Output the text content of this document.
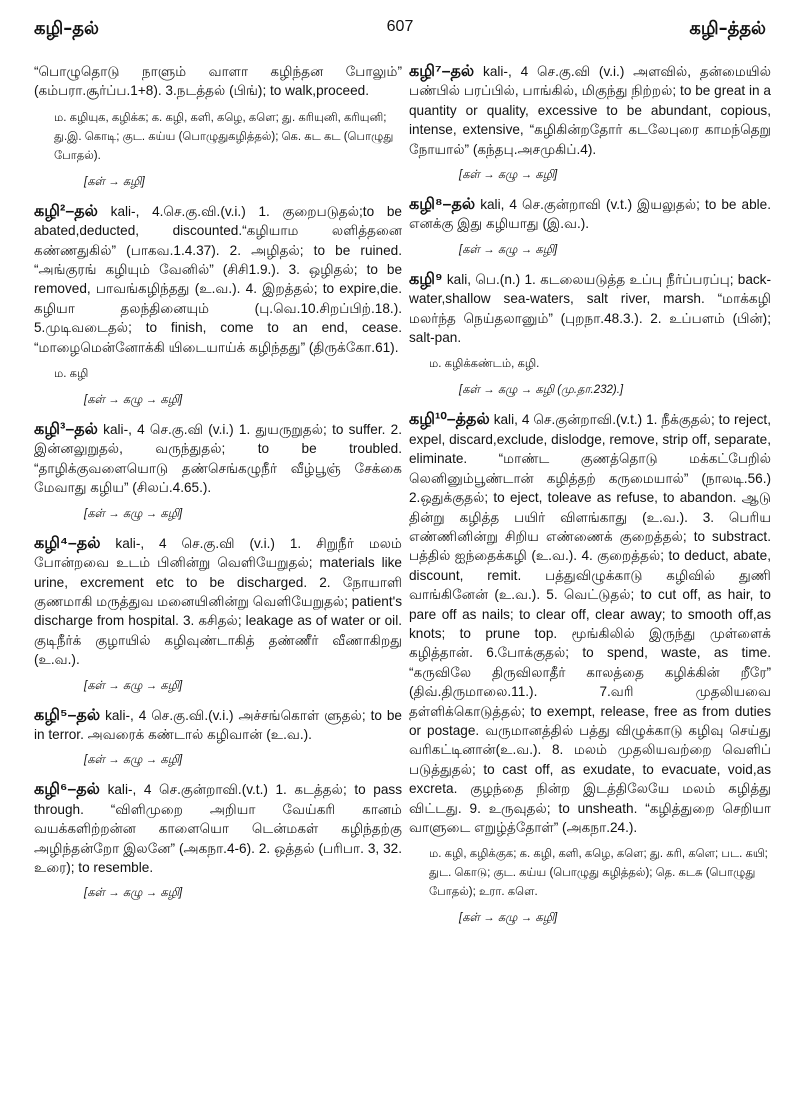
கழி–தல்	607	கழி–த்தல்

“பொழுதொடு நாளும் வாளா கழிந்தன போலும்” (கம்பரா.சூர்ப்ப.1+8). 3.நடத்தல் (பிங்); to walk,proceed.

ம. கழியுக, கழிக்க; க. கழி, களி, கழெ, களெ; து. கரியுனி, கரியுனி; து.இ. கொடி; குட. கய்ய (பொழுதுகழித்தல்); கெ. கட கட (பொழுது போதல்).
[கள் → கழி]

கழி²–தல் kali-, 4.செ.கு.வி.(v.i.) 1. குறைபடுதல்;to be abated,deducted, discounted.“கழியாம லளித்தனை கண்ணதுகில்” (பாகவ.1.4.37). 2. அழிதல்; to be ruined. “அங்குரங் கழியும் வேனில்” (சிசி1.9.). 3. ஒழிதல்; to be removed, பாவங்கழிந்தது (உ.வ.). 4. இறத்தல்; to expire,die. கழியா தலந்தினையும் (பு.வெ.10.சிறப்பிற்.18.). 5.முடிவடைதல்; to finish, come to an end, cease. “மாழைமென்னோக்கி யிடையாய்க் கழிந்தது” (திருக்கோ.61).

ம. கழி
[கள் → கழு → கழி]

கழி³–தல் kali-, 4 செ.கு.வி (v.i.) 1. துயருறுதல்; to suffer. 2. இன்னலுறுதல், வருந்துதல்; to be troubled. “தாழிக்குவளையொடு தண்செங்கழுநீர் வீழ்பூஞ் சேக்கை மேவாது கழிய” (சிலப்.4.65.).

[கள் → கழு → கழி]

கழி⁴–தல் kali-, 4 செ.கு.வி (v.i.) 1. சிறுநீர் மலம் போன்றவை உடம் பினின்று வெளியேறுதல்; materials like urine, excrement etc to be discharged. 2. நோயாளி குணமாகி மருத்துவ மனையினின்று வெளியேறுதல்; patient's discharge from hospital. 3. கசிதல்; leakage as of water or oil. குடிநீர்க் குழாயில் கழிவுண்டாகித் தண்ணீர் வீணாகிறது (உ.வ.).

[கள் → கழு → கழி]

கழி⁵–தல் kali-, 4 செ.கு.வி.(v.i.) அச்சங்கொள் ளுதல்; to be in terror. அவரைக் கண்டால் கழிவான் (உ.வ.).

[கள் → கழு → கழி]

கழி⁶–தல் kali-, 4 செ.குன்றாவி.(v.t.) 1. கடத்தல்; to pass through. “விளிமுறை அறியா வேய்கரி கானம் வயக்களிற்றன்ன காளையொ டென்மகள் கழிந்தற்கு அழிந்தன்றோ இலனே” (அகநா.4-6). 2. ஒத்தல் (பரிபா. 3, 32. உரை); to resemble.

[கள் → கழு → கழி]

கழி⁷–தல் kali-, 4 செ.கு.வி (v.i.) அளவில், தன்மையில் பண்பில் பரப்பில், பாங்கில், மிகுந்து நிற்றல்; to be great in a quantity or quality, excessive to be abundant, copious, intense, extensive, “கழிகின்றதோர் கடலேபுரை காமந்தெறு நோயால்” (கந்தபு.அசமுகிப்.4).

[கள் → கழு → கழி]

கழி⁸–தல் kali, 4 செ.குன்றாவி (v.t.) இயலுதல்; to be able. எனக்கு இது கழியாது (இ.வ.).

[கள் → கழு → கழி]

கழி⁹ kali, பெ.(n.) 1. கடலையடுத்த உப்பு நீர்ப்பரப்பு; back-water,shallow sea-waters, salt river, marsh. “மாக்கழி மலர்ந்த நெய்தலானும்” (புறநா.48.3.). 2. உப்பளம் (பின்); salt-pan.

ம. கழிக்கண்டம், கழி.
[கள் → கழு → கழி (மு.தா.232).]

கழி¹⁰–த்தல் kali, 4 செ.குன்றாவி.(v.t.) 1. நீக்குதல்; to reject, expel, discard,exclude, dislodge, remove, strip off, separate, eliminate. “மாண்ட குணத்தொடு மக்கட்பேறில் லெனினும்பூண்டான் கழித்தற் கருமையால்” (நாலடி.56.) 2.ஒதுக்குதல்; to eject, toleave as refuse, to abandon. ஆடு தின்று கழித்த பயிர் விளங்காது (உ.வ.). 3. பெரிய எண்ணினின்று சிறிய எண்ணைக் குறைத்தல்; to substract. பத்தில் ஐந்தைக்கழி (உ.வ.). 4. குறைத்தல்; to deduct, abate, discount, remit. பத்துவிழுக்காடு கழிவில் துணி வாங்கினேன் (உ.வ.). 5. வெட்டுதல்; to cut off, as hair, to pare off as nails; to clear off, clear away; to smooth off,as knots; to prune top. மூங்கிலில் இருந்து முள்ளைக் கழித்தான். 6.போக்குதல்; to spend, waste, as time. “கருவிலே திருவிலாதீர் காலத்தை கழிக்கின் றீரே” (திவ்.திருமாலை.11.). 7.வரி முதலியவை தள்ளிக்கொடுத்தல்; to exempt, release, free as from duties or postage. வருமானத்தில் பத்து விழுக்காடு கழிவு செய்து வரிகட்டினான்(உ.வ.). 8. மலம் முதலியவற்றை வெளிப் படுத்துதல்; to cast off, as exudate, to evacuate, void,as excreta. குழந்தை நின்ற இடத்திலேயே மலம் கழித்து விட்டது. 9. உருவுதல்; to unsheath. “கழித்துறை செறியா வாளுடை எறுழ்த்தோள்” (அகநா.24.).

ம. கழி, கழிக்குக; க. கழி, களி, கழெ, களெ; து. கரி, களெ; பட. கயி; துட. கொடு; குட. கய்ய (பொழுது கழித்தல்); தெ. கடசு (பொழுது போதல்); உரா. களெ.
[கள் → கழு → கழி]
